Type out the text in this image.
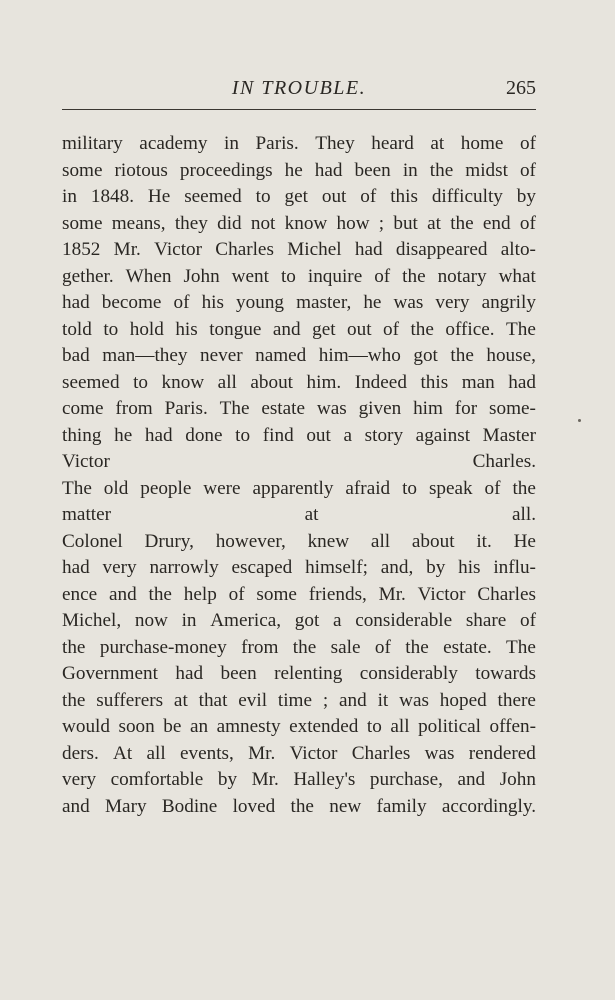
IN TROUBLE.	265
military academy in Paris. They heard at home of
some riotous proceedings he had been in the midst of
in 1848. He seemed to get out of this difficulty by
some means, they did not know how ; but at the end of
1852 Mr. Victor Charles Michel had disappeared alto-
gether. When John went to inquire of the notary what
had become of his young master, he was very angrily
told to hold his tongue and get out of the office. The
bad man—they never named him—who got the house,
seemed to know all about him. Indeed this man had
come from Paris. The estate was given him for some-
thing he had done to find out a story against Master
Victor Charles.
The old people were apparently afraid to speak of the
matter at all.
Colonel Drury, however, knew all about it. He
had very narrowly escaped himself; and, by his influ-
ence and the help of some friends, Mr. Victor Charles
Michel, now in America, got a considerable share of
the purchase-money from the sale of the estate. The
Government had been relenting considerably towards
the sufferers at that evil time ; and it was hoped there
would soon be an amnesty extended to all political offen-
ders. At all events, Mr. Victor Charles was rendered
very comfortable by Mr. Halley's purchase, and John
and Mary Bodine loved the new family accordingly.
